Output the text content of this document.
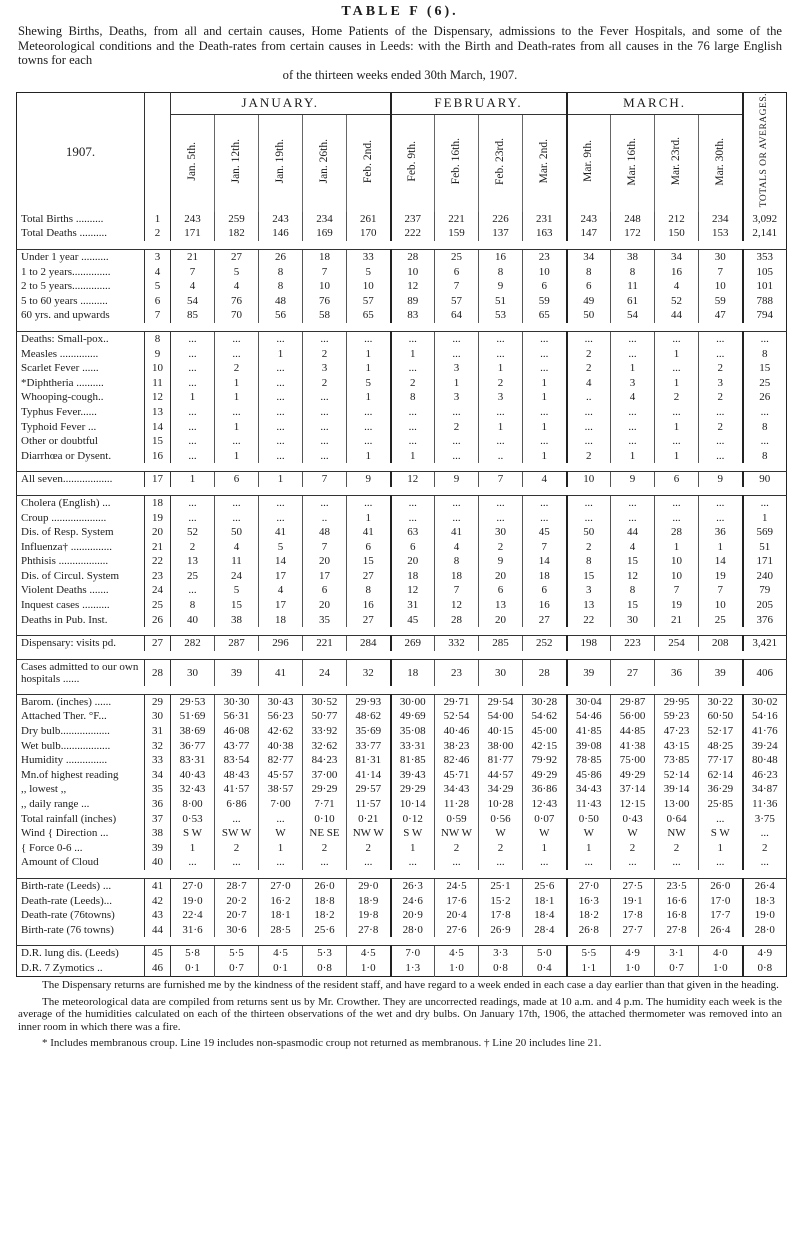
TABLE F (6).
Shewing Births, Deaths, from all and certain causes, Home Patients of the Dispensary, admissions to the Fever Hospitals, and some of the Meteorological conditions and the Death-rates from certain causes in Leeds: with the Birth and Death-rates from all causes in the 76 large English towns for each
of the thirteen weeks ended 30th March, 1907.
1907.		JANUARY.					FEBRUARY.				MARCH.				TOTALS OR AVERAGES.
		Jan. 5th.	Jan. 12th.	Jan. 19th.	Jan. 26th.	Feb. 2nd.	Feb. 9th.	Feb. 16th.	Feb. 23rd.	Mar. 2nd.	Mar. 9th.	Mar. 16th.	Mar. 23rd.	Mar. 30th.	
Total Births ..........	1	243	259	243	234	261	237	221	226	231	243	248	212	234	3,092
Total Deaths ..........	2	171	182	146	169	170	222	159	137	163	147	172	150	153	2,141

Under 1 year ..........	3	21	27	26	18	33	28	25	16	23	34	38	34	30	353
1 to 2 years..............	4	7	5	8	7	5	10	6	8	10	8	8	16	7	105
2 to 5 years..............	5	4	4	8	10	10	12	7	9	6	6	11	4	10	101
5 to 60 years ..........	6	54	76	48	76	57	89	57	51	59	49	61	52	59	788
60 yrs. and upwards	7	85	70	56	58	65	83	64	53	65	50	54	44	47	794

Deaths: Small-pox..	8	...	...	...	...	...	...	...	...	...	...	...	...	...	...
Measles ..............	9	...	...	1	2	1	1	...	...	...	2	...	1	...	8
Scarlet Fever ......	10	...	2	...	3	1	...	3	1	...	2	1	...	2	15
*Diphtheria ..........	11	...	1	...	2	5	2	1	2	1	4	3	1	3	25
Whooping-cough..	12	1	1	...	...	1	8	3	3	1	..	4	2	2	26
Typhus Fever......	13	...	...	...	...	...	...	...	...	...	...	...	...	...	...
Typhoid Fever ...	14	...	1	...	...	...	...	2	1	1	...	...	1	2	8
Other or doubtful	15	...	...	...	...	...	...	...	...	...	...	...	...	...	...
Diarrhœa or Dysent.	16	...	1	...	...	1	1	...	..	1	2	1	1	...	8

All seven..................	17	1	6	1	7	9	12	9	7	4	10	9	6	9	90

Cholera (English) ...	18	...	...	...	...	...	...	...	...	...	...	...	...	...	...
Croup ....................	19	...	...	...	..	1	...	...	...	...	...	...	...	...	1
Dis. of Resp. System	20	52	50	41	48	41	63	41	30	45	50	44	28	36	569
Influenza† ...............	21	2	4	5	7	6	6	4	2	7	2	4	1	1	51
Phthisis ..................	22	13	11	14	20	15	20	8	9	14	8	15	10	14	171
Dis. of Circul. System	23	25	24	17	17	27	18	18	20	18	15	12	10	19	240
Violent Deaths .......	24	...	5	4	6	8	12	7	6	6	3	8	7	7	79
Inquest cases ..........	25	8	15	17	20	16	31	12	13	16	13	15	19	10	205
Deaths in Pub. Inst.	26	40	38	18	35	27	45	28	20	27	22	30	21	25	376

Dispensary: visits pd.	27	282	287	296	221	284	269	332	285	252	198	223	254	208	3,421

Cases admitted to our own hospitals ......	28	30	39	41	24	32	18	23	30	28	39	27	36	39	406

Barom. (inches) ......	29	29·53	30·30	30·43	30·52	29·93	30·00	29·71	29·54	30·28	30·04	29·87	29·95	30·22	30·02
Attached Ther. °F...	30	51·69	56·31	56·23	50·77	48·62	49·69	52·54	54·00	54·62	54·46	56·00	59·23	60·50	54·16
Dry bulb..................	31	38·69	46·08	42·62	33·92	35·69	35·08	40·46	40·15	45·00	41·85	44·85	47·23	52·17	41·76
Wet bulb..................	32	36·77	43·77	40·38	32·62	33·77	33·31	38·23	38·00	42·15	39·08	41·38	43·15	48·25	39·24
Humidity ...............	33	83·31	83·54	82·77	84·23	81·31	81·85	82·46	81·77	79·92	78·85	75·00	73·85	77·17	80·48
Mn.of highest reading	34	40·43	48·43	45·57	37·00	41·14	39·43	45·71	44·57	49·29	45·86	49·29	52·14	62·14	46·23
,, lowest ,,	35	32·43	41·57	38·57	29·29	29·57	29·29	34·43	34·29	36·86	34·43	37·14	39·14	36·29	34·87
,, daily range ...	36	8·00	6·86	7·00	7·71	11·57	10·14	11·28	10·28	12·43	11·43	12·15	13·00	25·85	11·36
Total rainfall (inches)	37	0·53	...	...	0·10	0·21	0·12	0·59	0·56	0·07	0·50	0·43	0·64	...	3·75
Wind { Direction ...	38	S W	SW W	W	NE SE	NW W	S W	NW W	W	W	W	W	NW	S W	...
{ Force 0-6 ...	39	1	2	1	2	2	1	2	2	1	1	2	2	1	2
Amount of Cloud	40	...	...	...	...	...	...	...	...	...	...	...	...	...	...

Birth-rate (Leeds) ...	41	27·0	28·7	27·0	26·0	29·0	26·3	24·5	25·1	25·6	27·0	27·5	23·5	26·0	26·4
Death-rate (Leeds)...	42	19·0	20·2	16·2	18·8	18·9	24·6	17·6	15·2	18·1	16·3	19·1	16·6	17·0	18·3
Death-rate (76towns)	43	22·4	20·7	18·1	18·2	19·8	20·9	20·4	17·8	18·4	18·2	17·8	16·8	17·7	19·0
Birth-rate (76 towns)	44	31·6	30·6	28·5	25·6	27·8	28·0	27·6	26·9	28·4	26·8	27·7	27·8	26·4	28·0

D.R. lung dis. (Leeds)	45	5·8	5·5	4·5	5·3	4·5	7·0	4·5	3·3	5·0	5·5	4·9	3·1	4·0	4·9
D.R. 7 Zymotics ..	46	0·1	0·7	0·1	0·8	1·0	1·3	1·0	0·8	0·4	1·1	1·0	0·7	1·0	0·8
The Dispensary returns are furnished me by the kindness of the resident staff, and have regard to a week ended in each case a day earlier than that given in the heading.
The meteorological data are compiled from returns sent us by Mr. Crowther. They are uncorrected readings, made at 10 a.m. and 4 p.m. The humidity each week is the average of the humidities calculated on each of the thirteen observations of the wet and dry bulbs. On January 17th, 1906, the attached thermometer was removed into an inner room in which there was a fire.
* Includes membranous croup. Line 19 includes non-spasmodic croup not returned as membranous. † Line 20 includes line 21.
